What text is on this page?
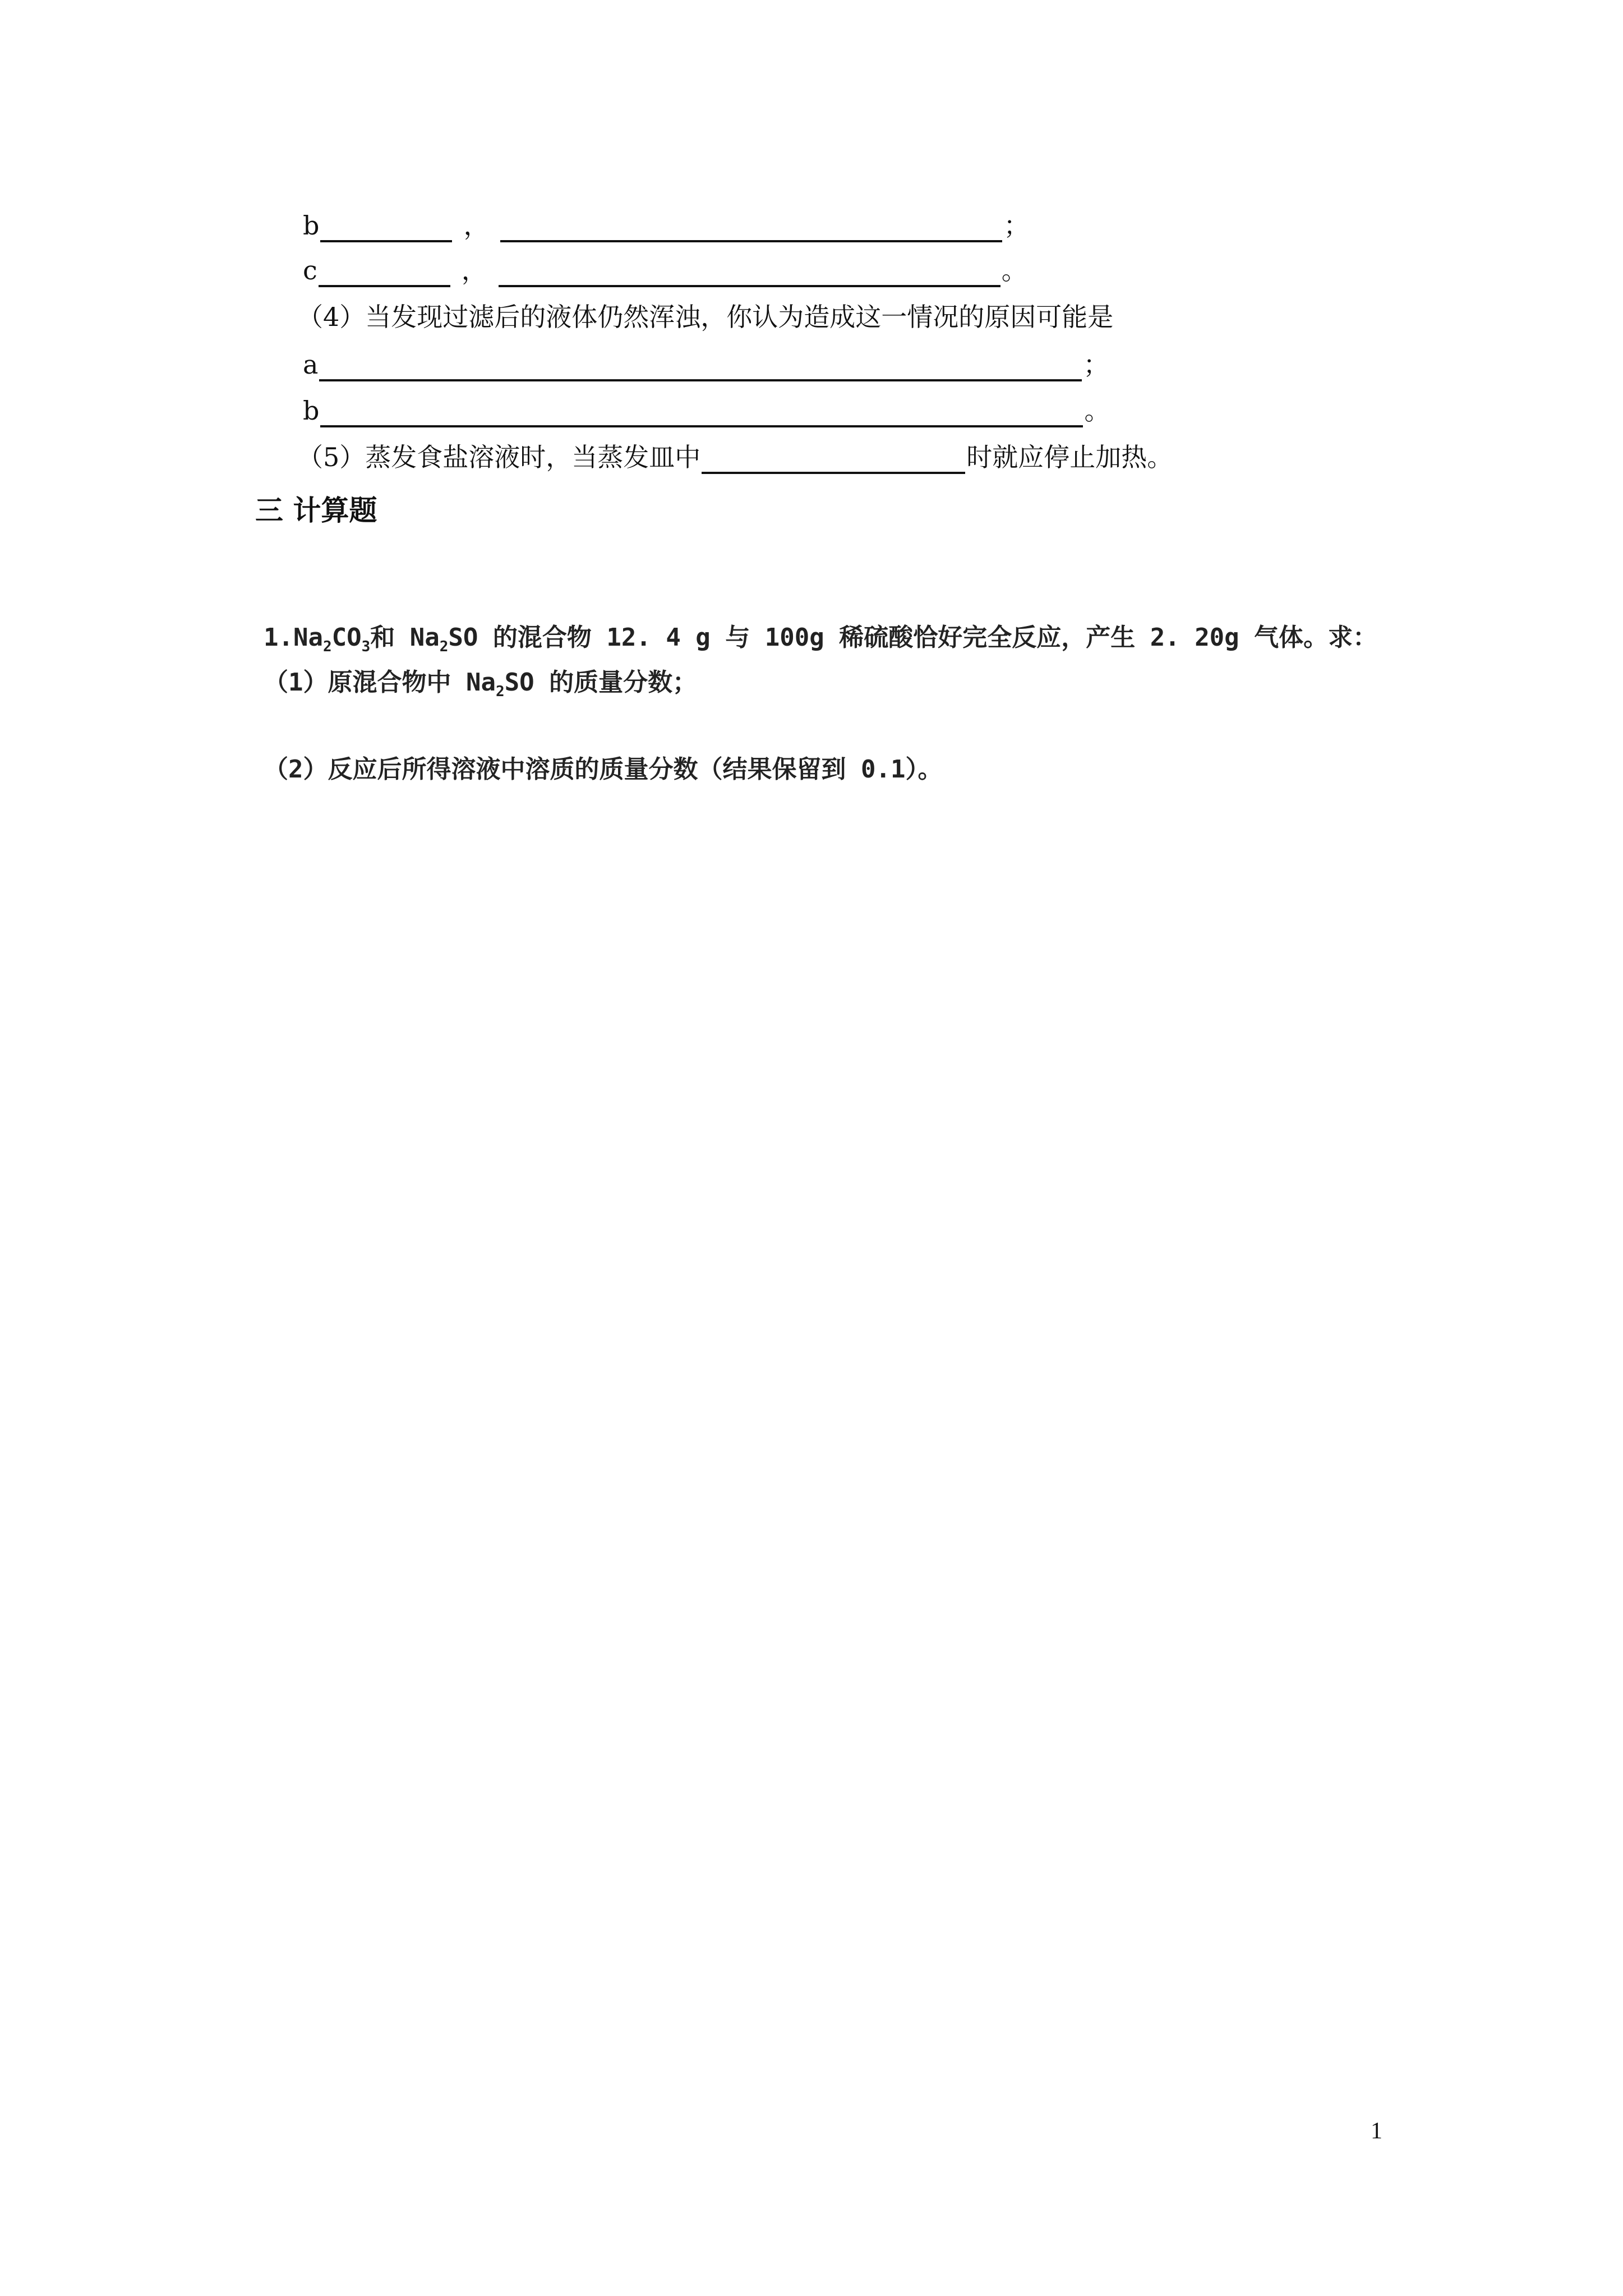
b	，	；
c	，	。
（4）当发现过滤后的液体仍然浑浊，你认为造成这一情况的原因可能是
a	；
b	。
（5）蒸发食盐溶液时，当蒸发皿中	时就应停止加热。
三 计算题
$1.Na_2CO_3$和 $Na_2SO$ 的混合物 12. 4 g 与 100g 稀硫酸恰好完全反应，产生 2. 20g 气体。求：
（1）原混合物中 $Na_2SO$ 的质量分数；
（2）反应后所得溶液中溶质的质量分数（结果保留到 0.1）。
1
